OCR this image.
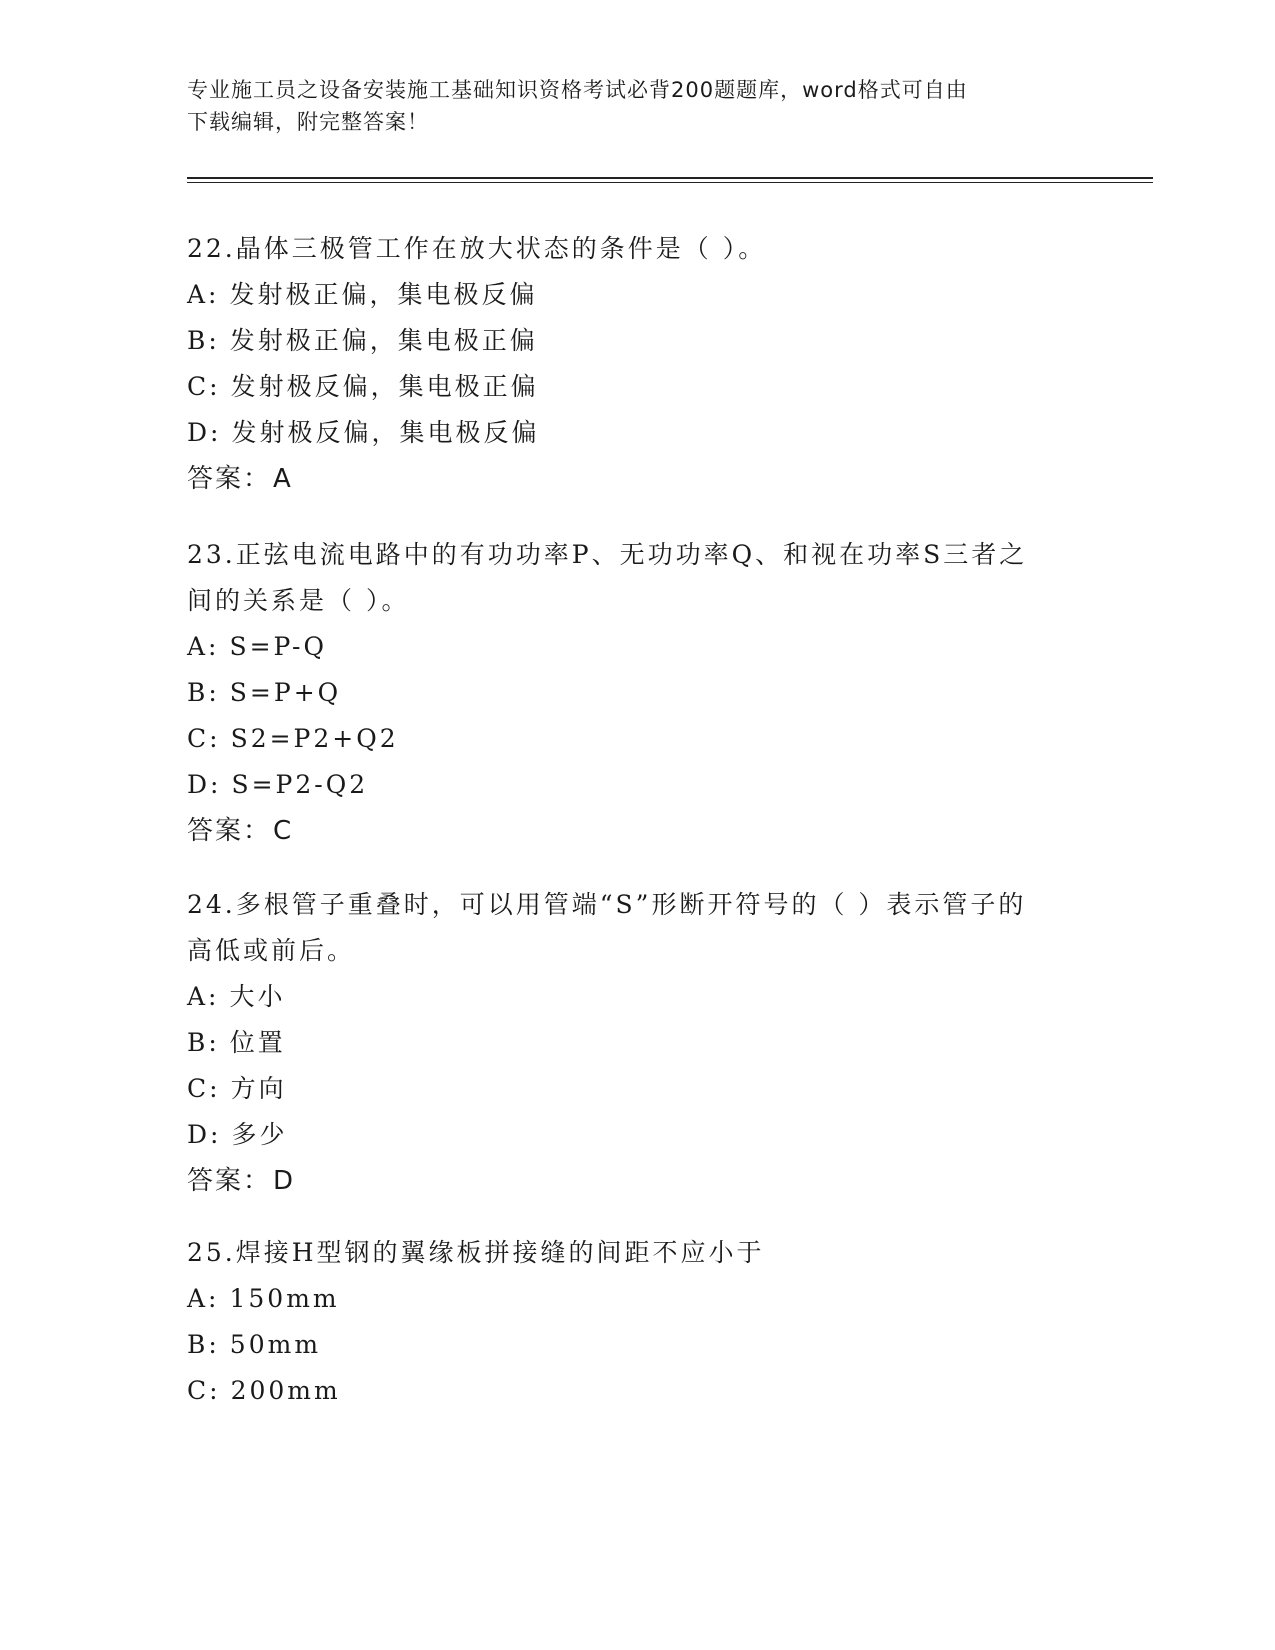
专业施工员之设备安装施工基础知识资格考试必背200题题库，word格式可自由
下载编辑，附完整答案！
22.晶体三极管工作在放大状态的条件是（ ）。
A: 发射极正偏，集电极反偏
B: 发射极正偏，集电极正偏
C: 发射极反偏，集电极正偏
D: 发射极反偏，集电极反偏
答案：A
23.正弦电流电路中的有功功率P、无功功率Q、和视在功率S三者之
间的关系是（ ）。
A: S=P-Q
B: S=P+Q
C: S2=P2+Q2
D: S=P2-Q2
答案：C
24.多根管子重叠时，可以用管端“S”形断开符号的（ ）表示管子的
高低或前后。
A: 大小
B: 位置
C: 方向
D: 多少
答案：D
25.焊接H型钢的翼缘板拼接缝的间距不应小于
A: 150mm
B: 50mm
C: 200mm
